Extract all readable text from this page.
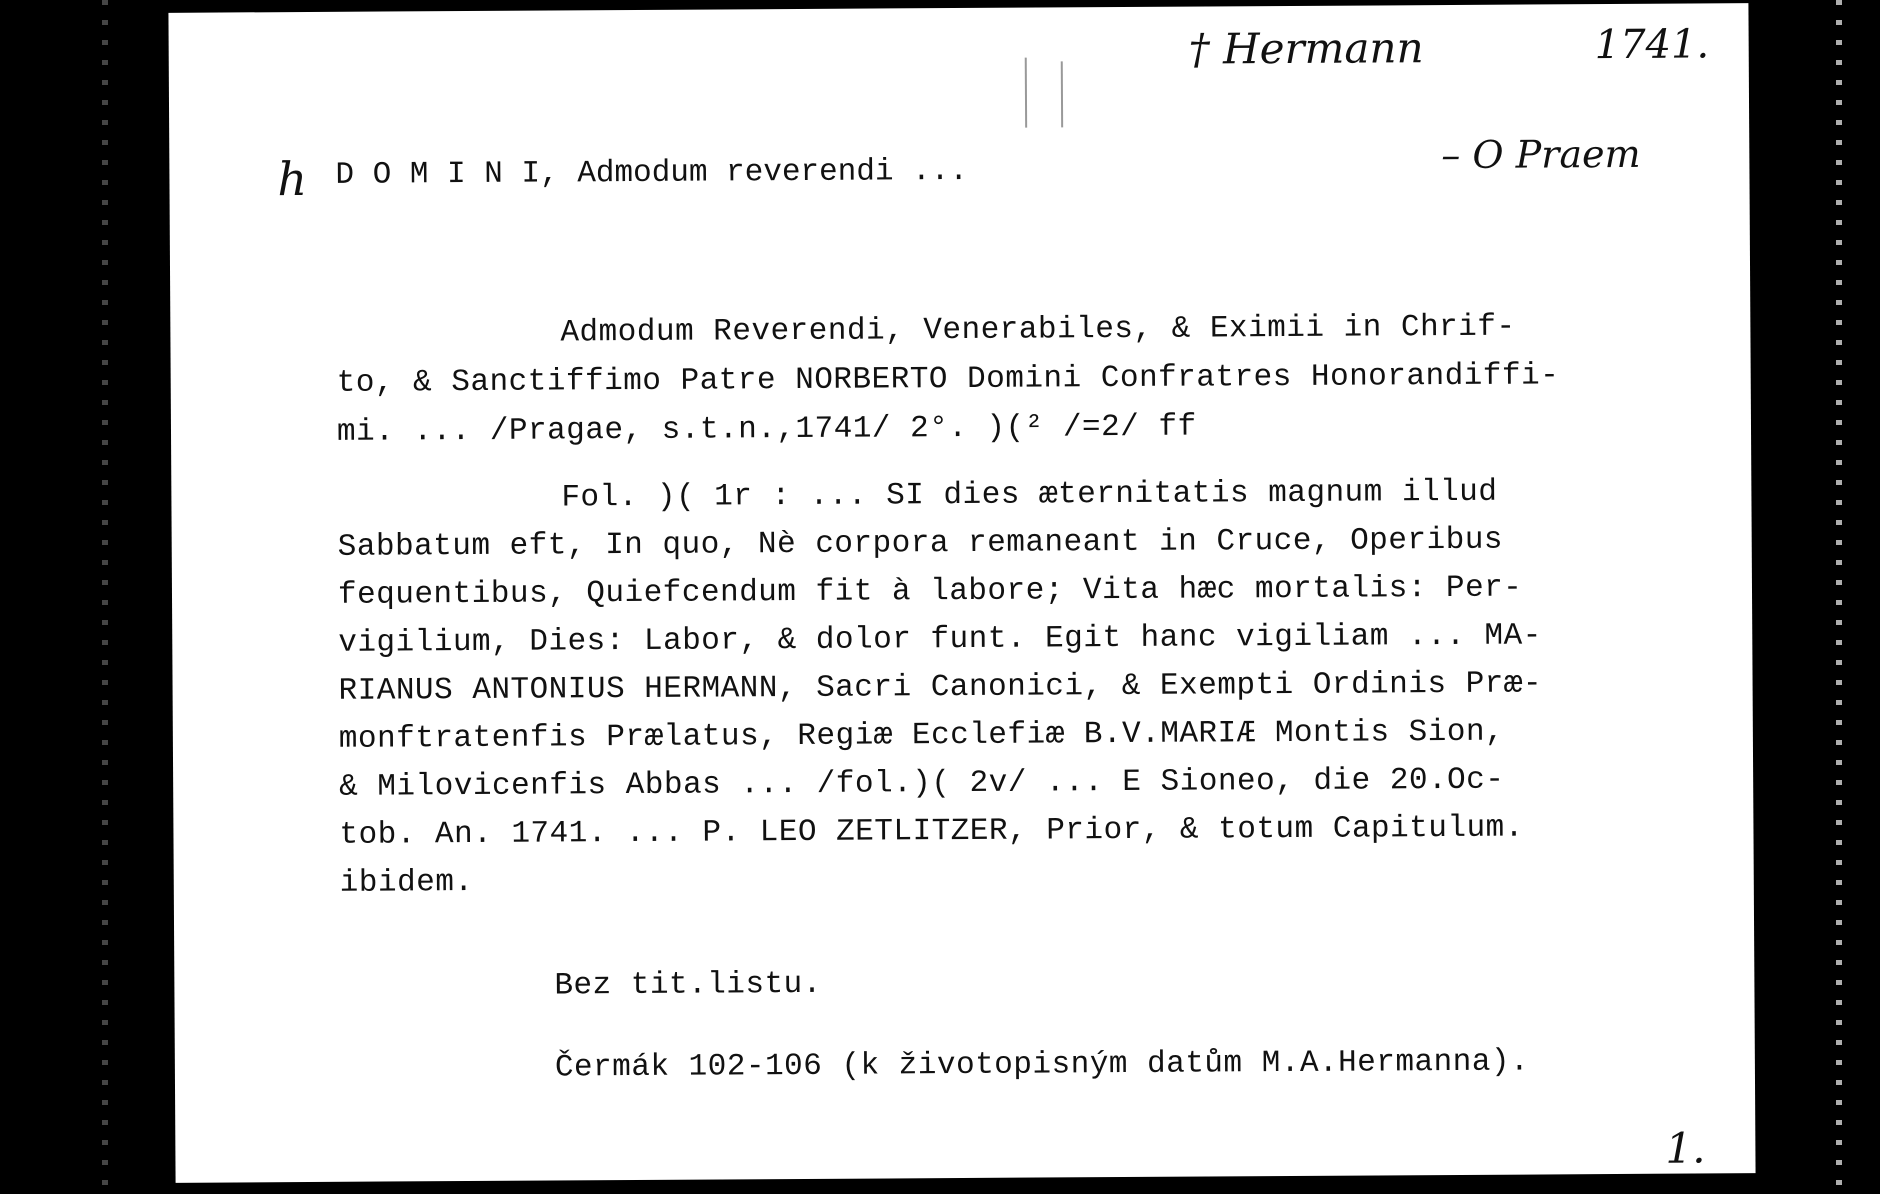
† Hermann	1741.
h	– O Praem
1.
D O M I N I, Admodum reverendi ...
Admodum Reverendi, Venerabiles, & Eximii in Chrif-
to, & Sanctiffimo Patre NORBERTO Domini Confratres Honorandiffi-
mi. ... /Pragae, s.t.n.,1741/ 2°. )(² /=2/ ff
Fol. )( 1r : ... SI dies æternitatis magnum illud
Sabbatum eft, In quo, Nè corpora remaneant in Cruce, Operibus
fequentibus, Quiefcendum fit à labore; Vita hæc mortalis: Per-
vigilium, Dies: Labor, & dolor funt. Egit hanc vigiliam ... MA-
RIANUS ANTONIUS HERMANN, Sacri Canonici, & Exempti Ordinis Præ-
monftratenfis Prælatus, Regiæ Ecclefiæ B.V.MARIÆ Montis Sion,
& Milovicenfis Abbas ... /fol.)( 2v/ ... E Sioneo, die 20.Oc-
tob. An. 1741. ... P. LEO ZETLITZER, Prior, & totum Capitulum.
ibidem.
Bez tit.listu.
Čermák 102-106 (k životopisným datům M.A.Hermanna).
